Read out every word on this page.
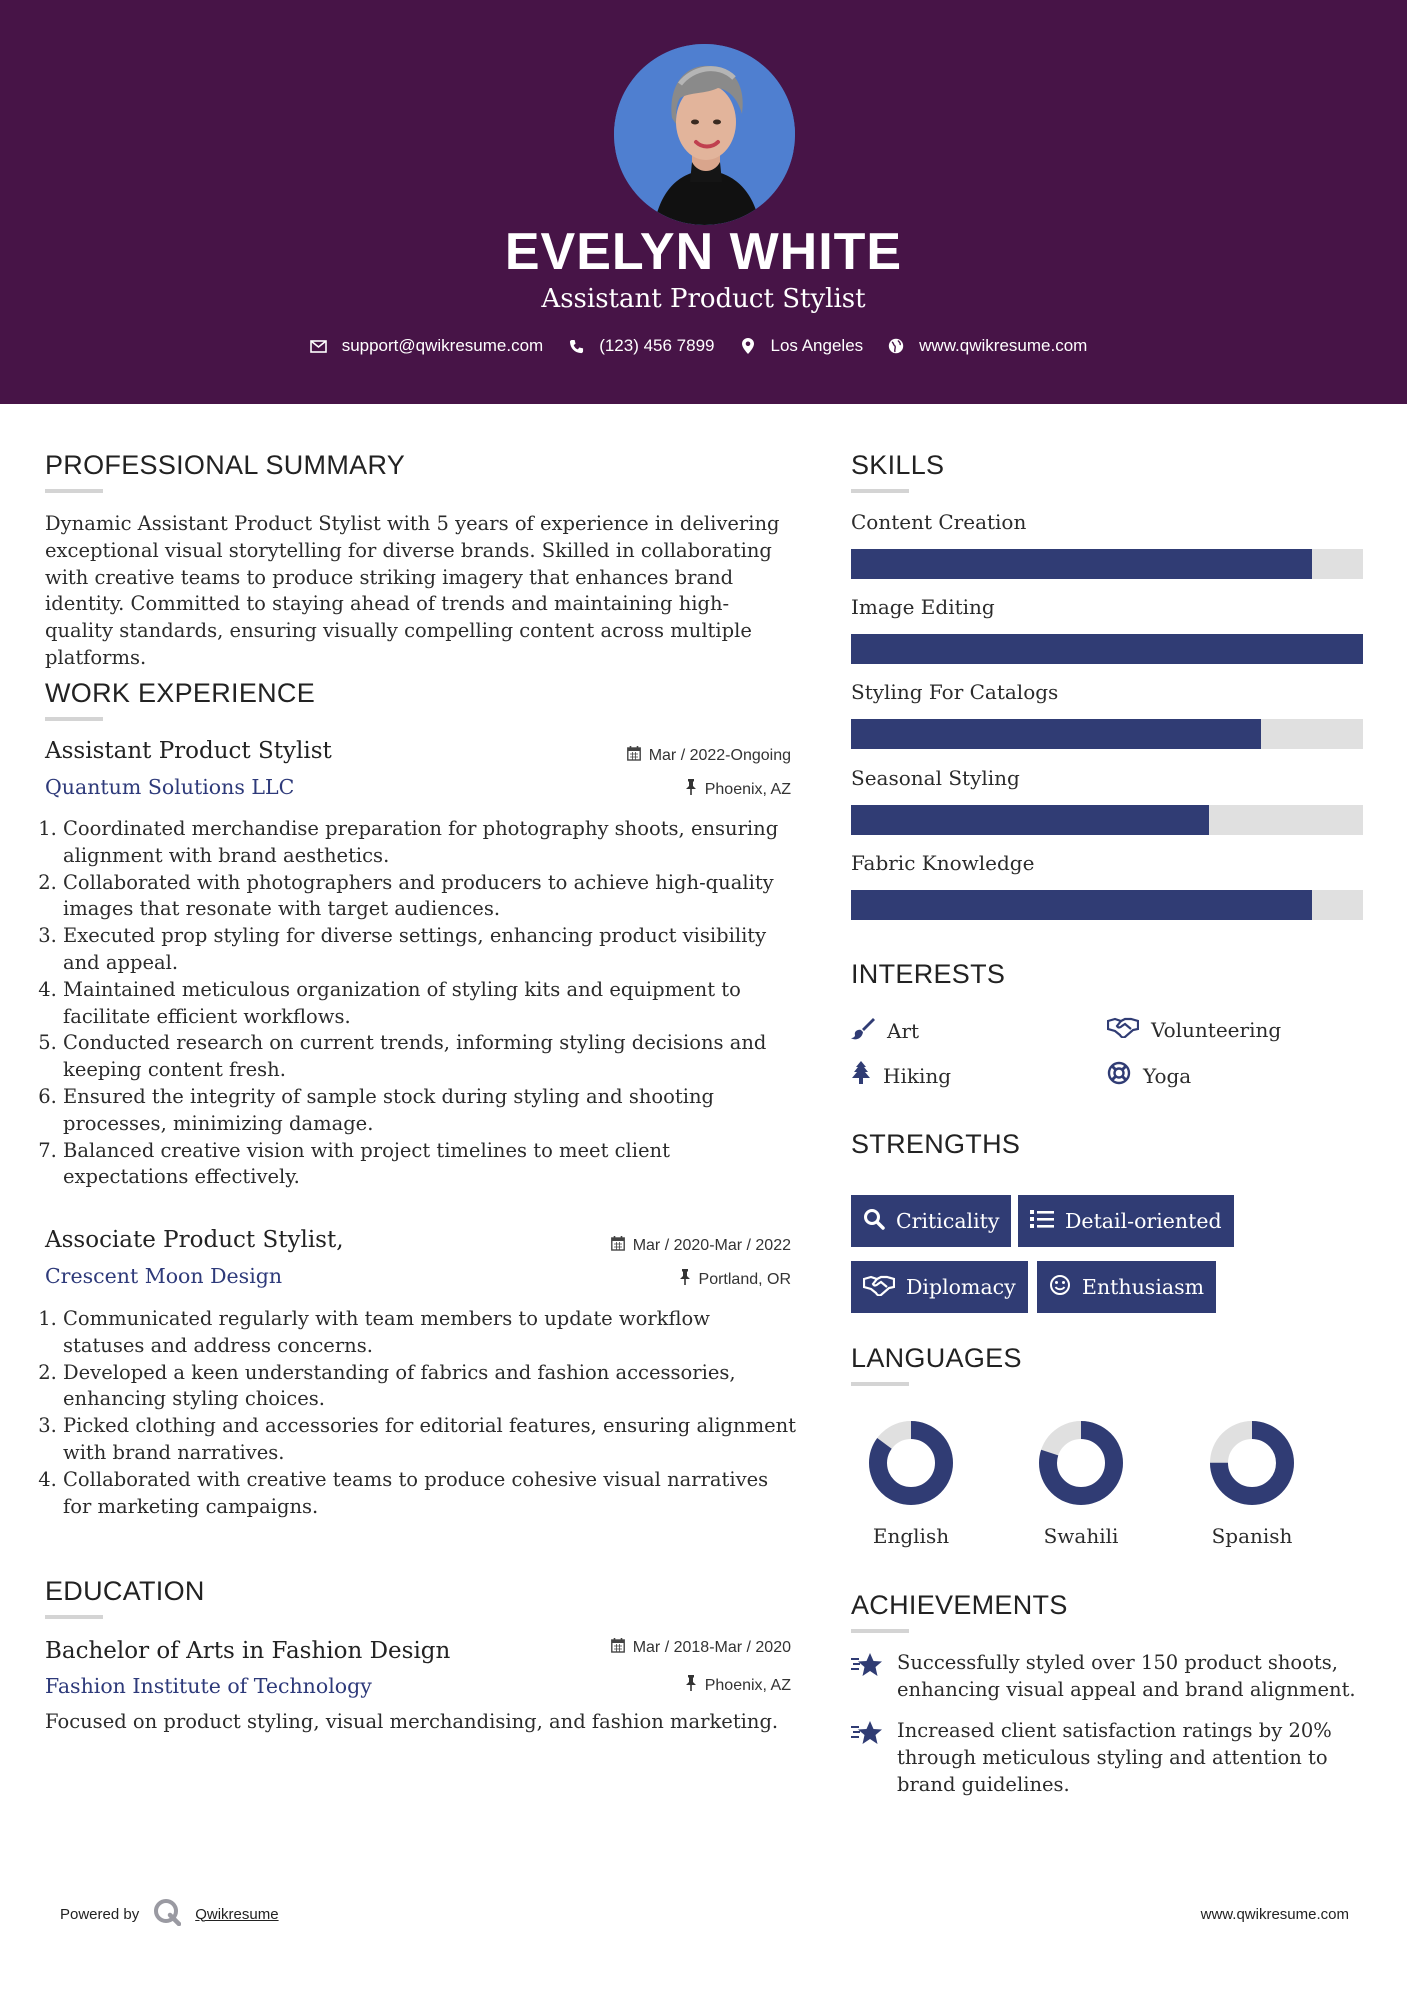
EVELYN WHITE
Assistant Product Stylist
support@qwikresume.com	(123) 456 7899	Los Angeles	www.qwikresume.com
PROFESSIONAL SUMMARY
Dynamic Assistant Product Stylist with 5 years of experience in delivering exceptional visual storytelling for diverse brands. Skilled in collaborating with creative teams to produce striking imagery that enhances brand identity. Committed to staying ahead of trends and maintaining high-quality standards, ensuring visually compelling content across multiple platforms.
WORK EXPERIENCE
Assistant Product Stylist
Quantum Solutions LLC
Mar / 2022-Ongoing
Phoenix, AZ
1. Coordinated merchandise preparation for photography shoots, ensuring alignment with brand aesthetics.
2. Collaborated with photographers and producers to achieve high-quality images that resonate with target audiences.
3. Executed prop styling for diverse settings, enhancing product visibility and appeal.
4. Maintained meticulous organization of styling kits and equipment to facilitate efficient workflows.
5. Conducted research on current trends, informing styling decisions and keeping content fresh.
6. Ensured the integrity of sample stock during styling and shooting processes, minimizing damage.
7. Balanced creative vision with project timelines to meet client expectations effectively.
Associate Product Stylist,
Crescent Moon Design
Mar / 2020-Mar / 2022
Portland, OR
1. Communicated regularly with team members to update workflow statuses and address concerns.
2. Developed a keen understanding of fabrics and fashion accessories, enhancing styling choices.
3. Picked clothing and accessories for editorial features, ensuring alignment with brand narratives.
4. Collaborated with creative teams to produce cohesive visual narratives for marketing campaigns.
EDUCATION
Bachelor of Arts in Fashion Design
Fashion Institute of Technology
Mar / 2018-Mar / 2020
Phoenix, AZ
Focused on product styling, visual merchandising, and fashion marketing.
SKILLS
Content Creation
Image Editing
Styling For Catalogs
Seasonal Styling
Fabric Knowledge
INTERESTS
Art	Volunteering
Hiking	Yoga
STRENGTHS
Criticality	Detail-oriented
Diplomacy	Enthusiasm
LANGUAGES
English	Swahili	Spanish
ACHIEVEMENTS
Successfully styled over 150 product shoots, enhancing visual appeal and brand alignment.
Increased client satisfaction ratings by 20% through meticulous styling and attention to brand guidelines.
Powered by	Qwikresume	www.qwikresume.com
